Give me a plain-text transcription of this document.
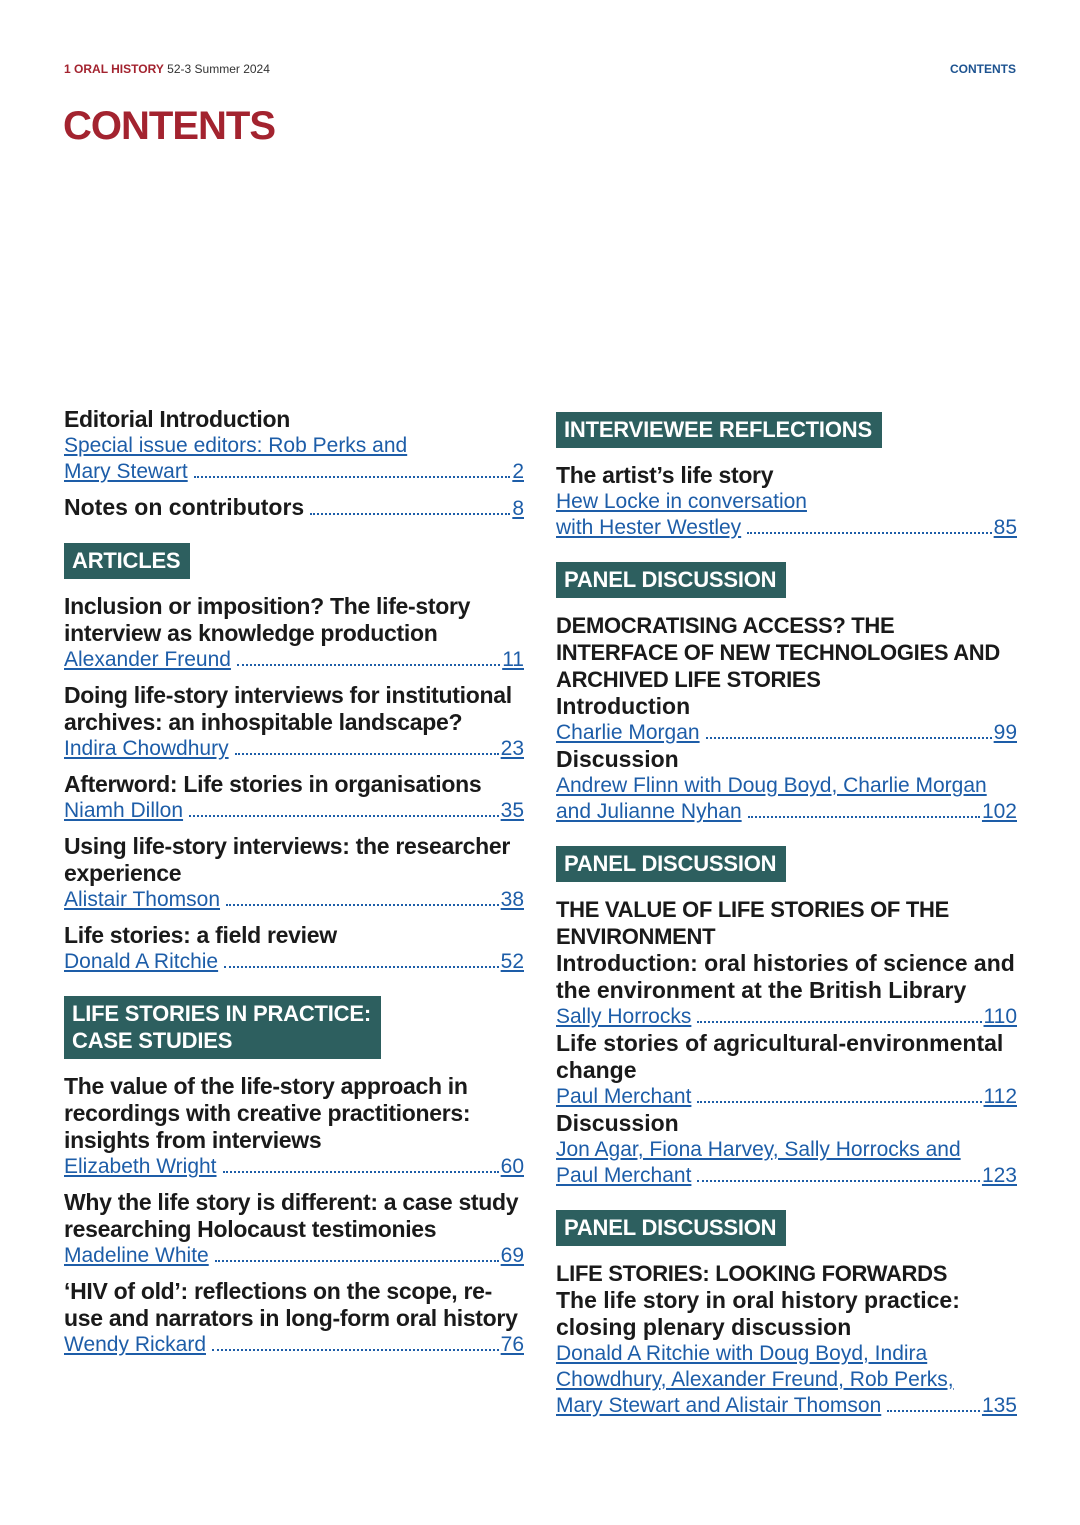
1 ORAL HISTORY 52-3 Summer 2024	CONTENTS
CONTENTS
Editorial Introduction
Special issue editors: Rob Perks and
Mary Stewart	2
Notes on contributors	8
ARTICLES
Inclusion or imposition? The life-story interview as knowledge production
Alexander Freund	11
Doing life-story interviews for institutional archives: an inhospitable landscape?
Indira Chowdhury	23
Afterword: Life stories in organisations
Niamh Dillon	35
Using life-story interviews: the researcher experience
Alistair Thomson	38
Life stories: a field review
Donald A Ritchie	52
LIFE STORIES IN PRACTICE:
CASE STUDIES
The value of the life-story approach in recordings with creative practitioners: insights from interviews
Elizabeth Wright	60
Why the life story is different: a case study researching Holocaust testimonies
Madeline White	69
‘HIV of old’: reflections on the scope, re-use and narrators in long-form oral history
Wendy Rickard	76
INTERVIEWEE REFLECTIONS
The artist’s life story
Hew Locke in conversation
with Hester Westley	85
PANEL DISCUSSION
DEMOCRATISING ACCESS? THE INTERFACE OF NEW TECHNOLOGIES AND ARCHIVED LIFE STORIES
Introduction
Charlie Morgan	99
Discussion
Andrew Flinn with Doug Boyd, Charlie Morgan
and Julianne Nyhan	102
PANEL DISCUSSION
THE VALUE OF LIFE STORIES OF THE ENVIRONMENT
Introduction: oral histories of science and the environment at the British Library
Sally Horrocks	110
Life stories of agricultural-environmental change
Paul Merchant	112
Discussion
Jon Agar, Fiona Harvey, Sally Horrocks and
Paul Merchant	123
PANEL DISCUSSION
LIFE STORIES: LOOKING FORWARDS
The life story in oral history practice: closing plenary discussion
Donald A Ritchie with Doug Boyd, Indira
Chowdhury, Alexander Freund, Rob Perks,
Mary Stewart and Alistair Thomson	135
